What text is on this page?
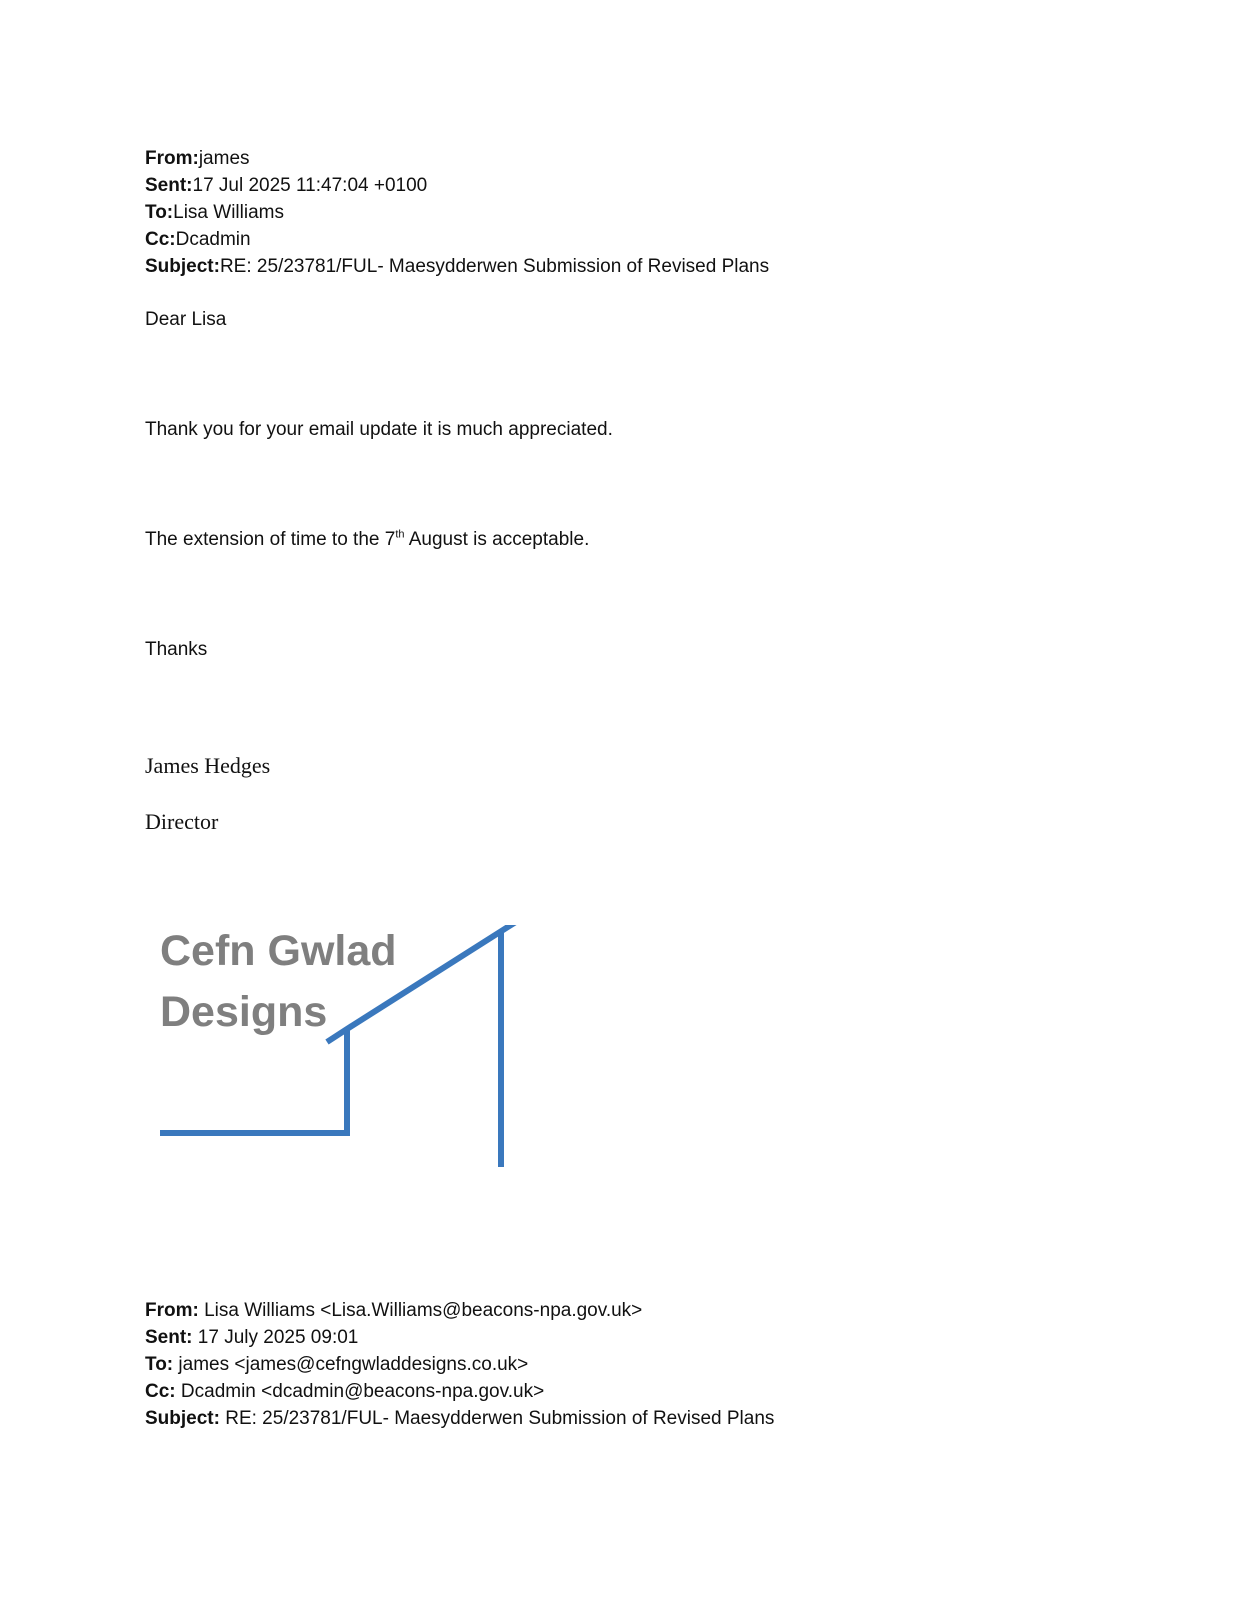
From:james
Sent:17 Jul 2025 11:47:04 +0100
To:Lisa Williams
Cc:Dcadmin
Subject:RE: 25/23781/FUL- Maesydderwen Submission of Revised Plans
Dear Lisa
Thank you for your email update it is much appreciated.
The extension of time to the 7th August is acceptable.
Thanks
James Hedges
Director
Cefn Gwlad
Designs
From: Lisa Williams <Lisa.Williams@beacons-npa.gov.uk>
Sent: 17 July 2025 09:01
To: james <james@cefngwladdesigns.co.uk>
Cc: Dcadmin <dcadmin@beacons-npa.gov.uk>
Subject: RE: 25/23781/FUL- Maesydderwen Submission of Revised Plans
